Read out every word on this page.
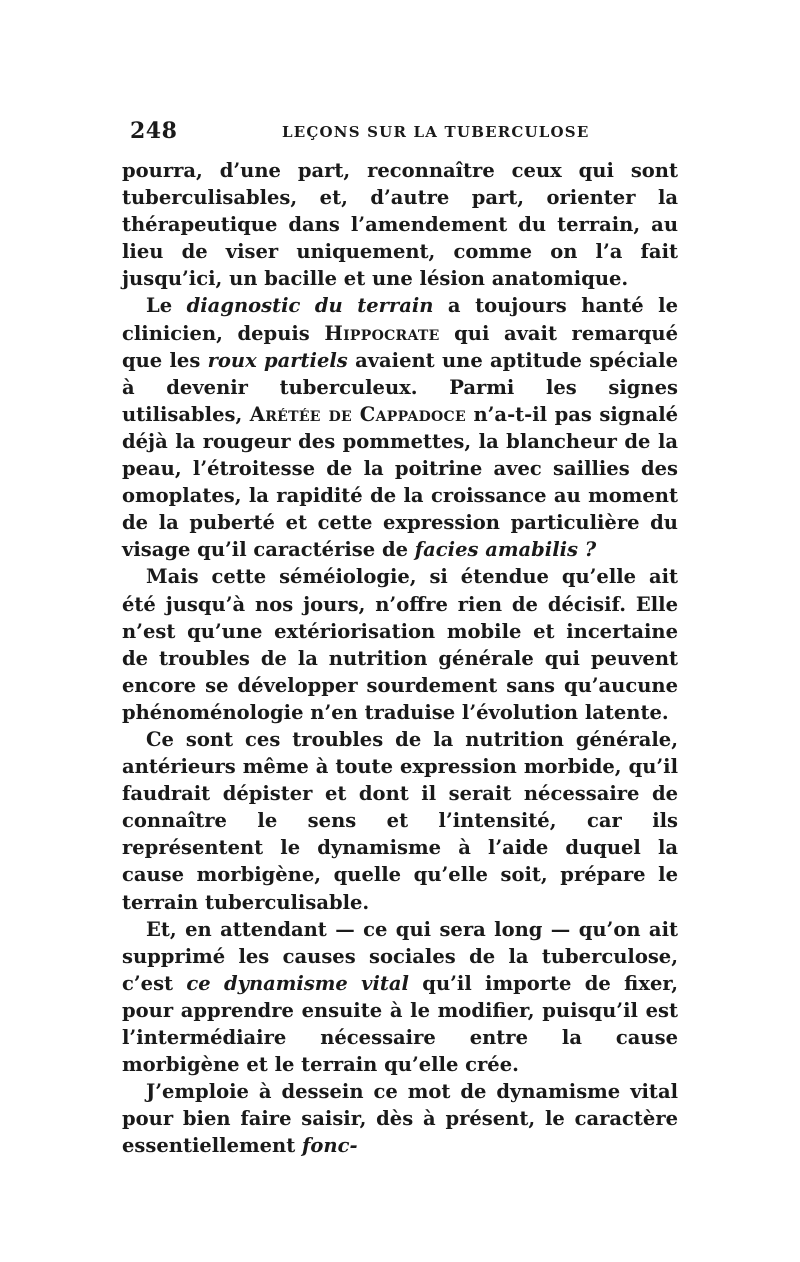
248	LEÇONS SUR LA TUBERCULOSE

pourra, d’une part, reconnaître ceux qui sont tuberculisables, et, d’autre part, orienter la thérapeutique dans l’amendement du terrain, au lieu de viser uniquement, comme on l’a fait jusqu’ici, un bacille et une lésion anatomique.

Le diagnostic du terrain a toujours hanté le clinicien, depuis Hippocrate qui avait remarqué que les roux partiels avaient une aptitude spéciale à devenir tuberculeux. Parmi les signes utilisables, Arétée de Cappadoce n’a-t-il pas signalé déjà la rougeur des pommettes, la blancheur de la peau, l’étroitesse de la poitrine avec saillies des omoplates, la rapidité de la croissance au moment de la puberté et cette expression particulière du visage qu’il caractérise de facies amabilis ?

Mais cette séméiologie, si étendue qu’elle ait été jusqu’à nos jours, n’offre rien de décisif. Elle n’est qu’une extériorisation mobile et incertaine de troubles de la nutrition générale qui peuvent encore se développer sourdement sans qu’aucune phénoménologie n’en traduise l’évolution latente.

Ce sont ces troubles de la nutrition générale, antérieurs même à toute expression morbide, qu’il faudrait dépister et dont il serait nécessaire de connaître le sens et l’intensité, car ils représentent le dynamisme à l’aide duquel la cause morbigène, quelle qu’elle soit, prépare le terrain tuberculisable.

Et, en attendant — ce qui sera long — qu’on ait supprimé les causes sociales de la tuberculose, c’est ce dynamisme vital qu’il importe de fixer, pour apprendre ensuite à le modifier, puisqu’il est l’intermédiaire nécessaire entre la cause morbigène et le terrain qu’elle crée.

J’emploie à dessein ce mot de dynamisme vital pour bien faire saisir, dès à présent, le caractère essentiellement fonc-
